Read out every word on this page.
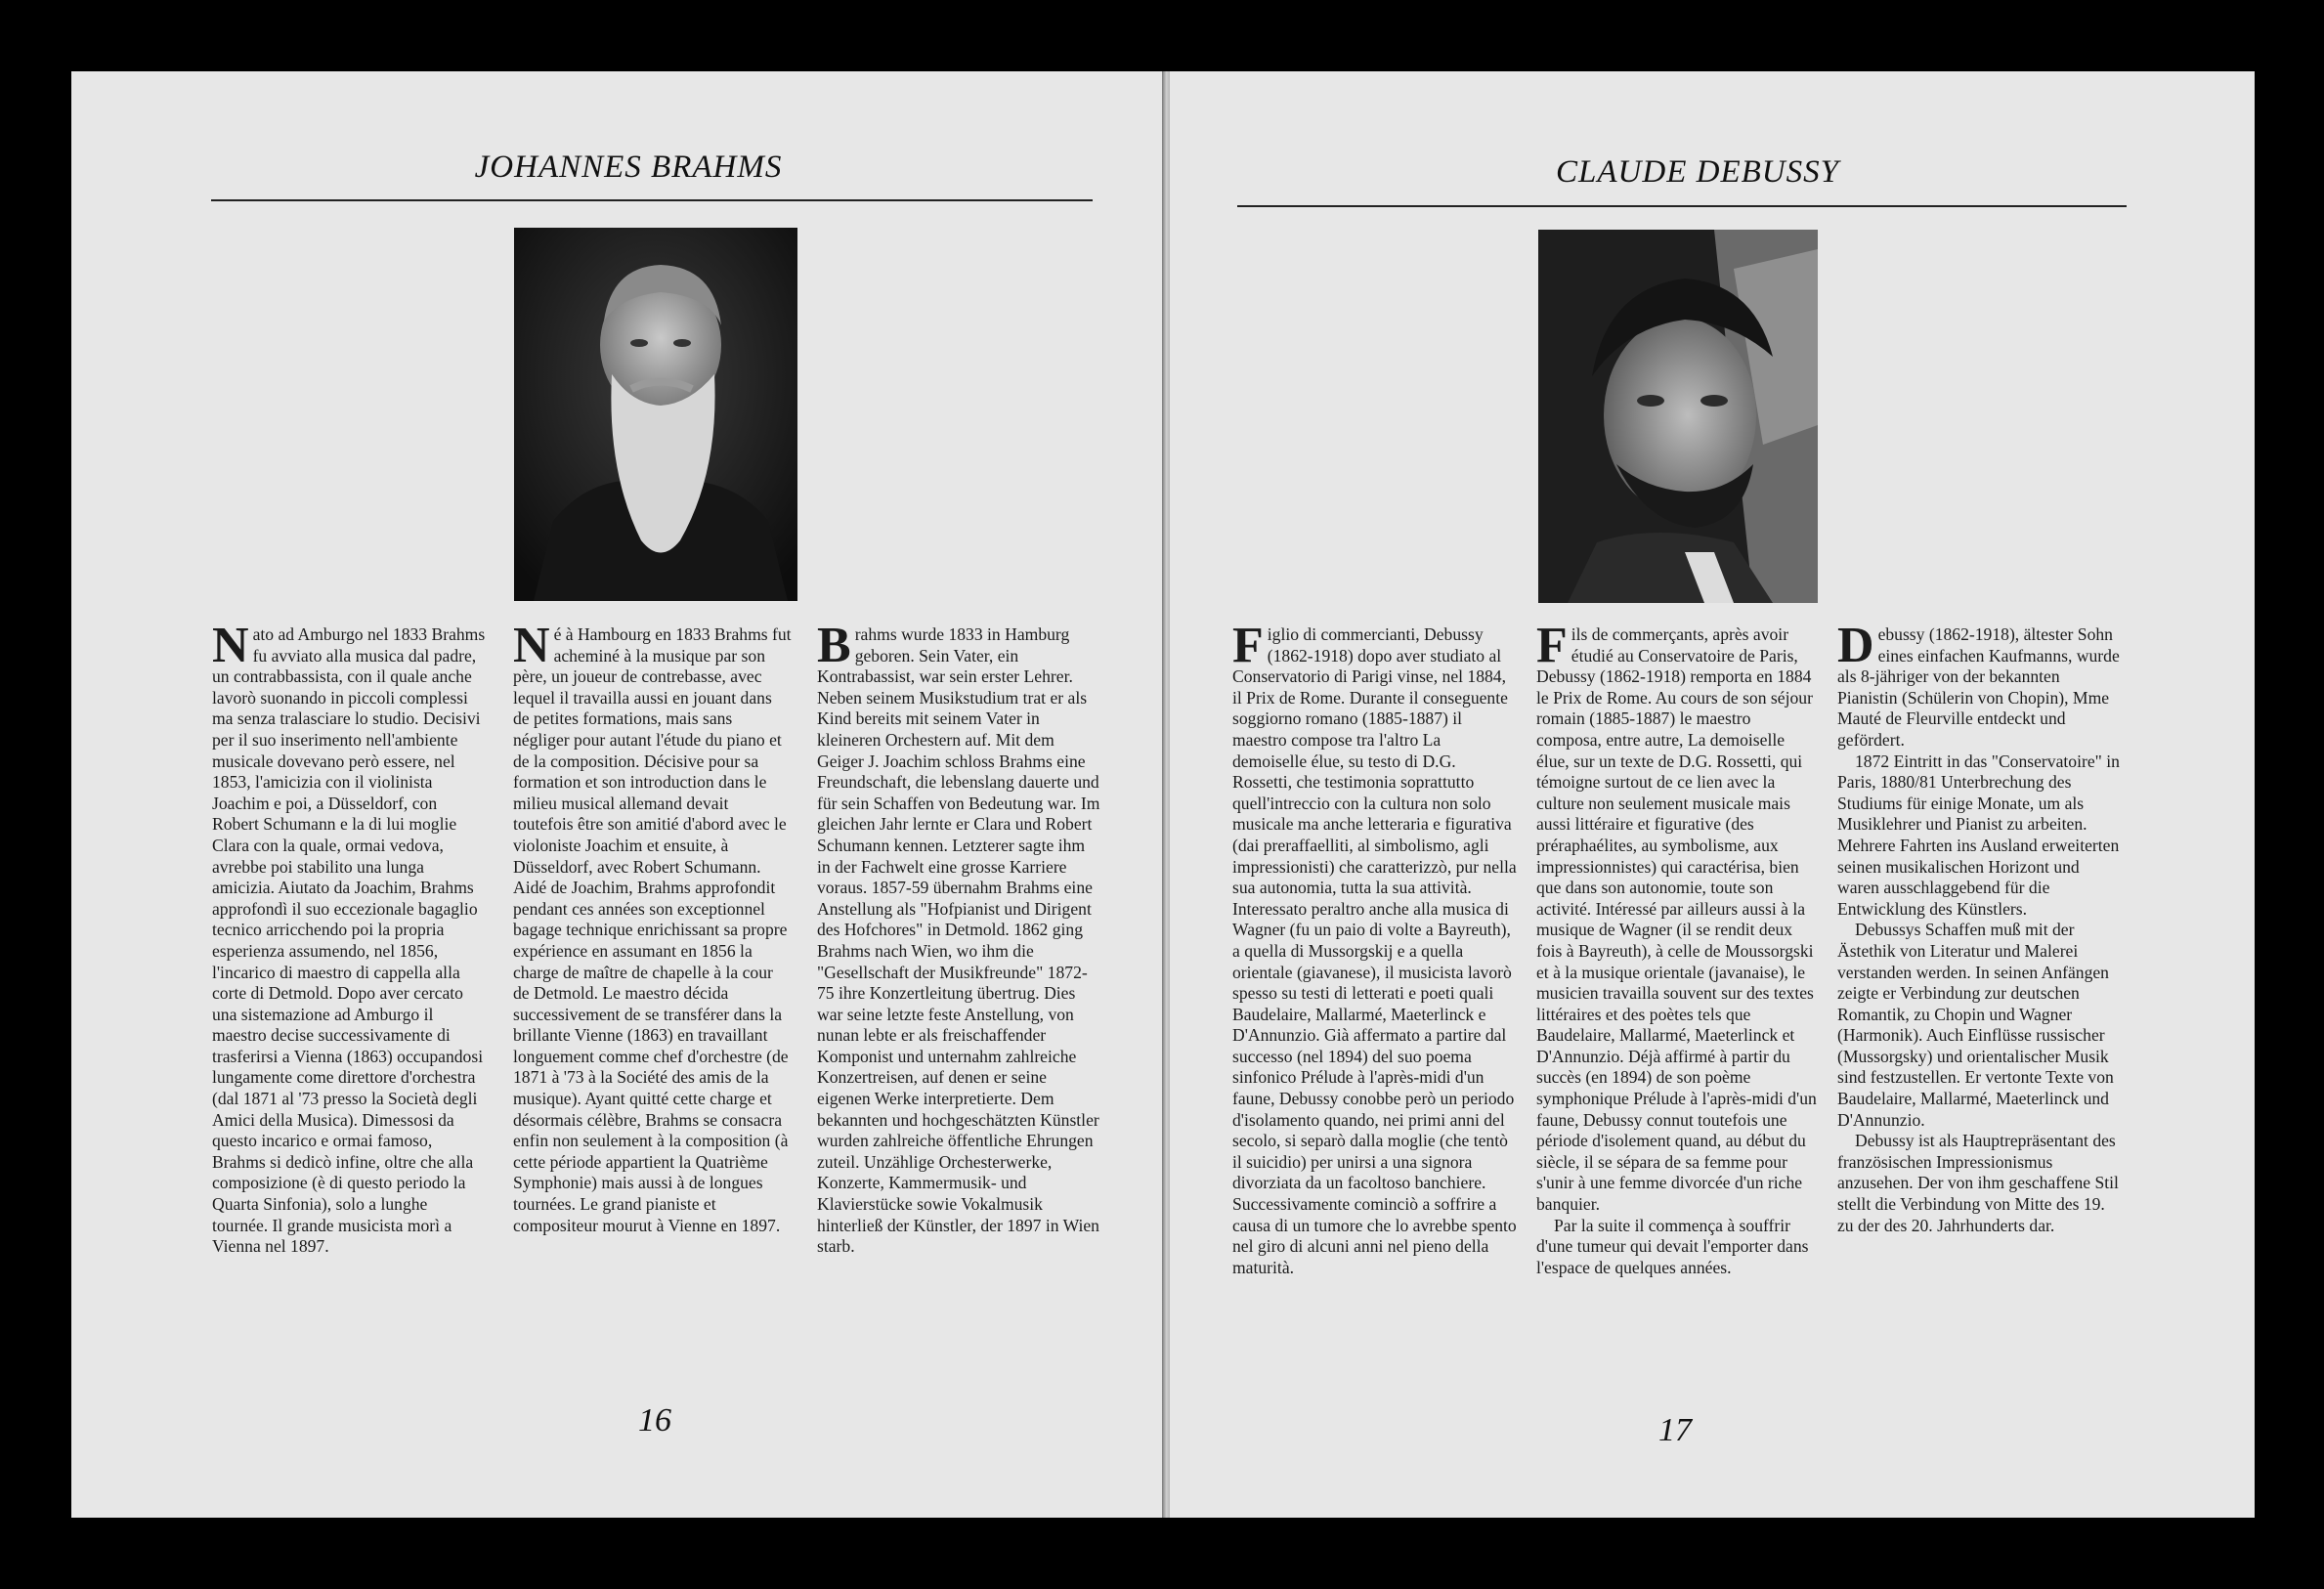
JOHANNES BRAHMS

Nato ad Amburgo nel 1833 Brahms fu avviato alla musica dal padre, un contrabbassista, con il quale anche lavorò suonando in piccoli complessi ma senza tralasciare lo studio. Decisivi per il suo inserimento nell'ambiente musicale dovevano però essere, nel 1853, l'amicizia con il violinista Joachim e poi, a Düsseldorf, con Robert Schumann e la di lui moglie Clara con la quale, ormai vedova, avrebbe poi stabilito una lunga amicizia. Aiutato da Joachim, Brahms approfondì il suo eccezionale bagaglio tecnico arricchendo poi la propria esperienza assumendo, nel 1856, l'incarico di maestro di cappella alla corte di Detmold. Dopo aver cercato una sistemazione ad Amburgo il maestro decise successivamente di trasferirsi a Vienna (1863) occupandosi lungamente come direttore d'orchestra (dal 1871 al '73 presso la Società degli Amici della Musica). Dimessosi da questo incarico e ormai famoso, Brahms si dedicò infine, oltre che alla composizione (è di questo periodo la Quarta Sinfonia), solo a lunghe tournée. Il grande musicista morì a Vienna nel 1897.

Né à Hambourg en 1833 Brahms fut acheminé à la musique par son père, un joueur de contrebasse, avec lequel il travailla aussi en jouant dans de petites formations, mais sans négliger pour autant l'étude du piano et de la composition. Décisive pour sa formation et son introduction dans le milieu musical allemand devait toutefois être son amitié d'abord avec le violoniste Joachim et ensuite, à Düsseldorf, avec Robert Schumann.

Aidé de Joachim, Brahms approfondit pendant ces années son exceptionnel bagage technique enrichissant sa propre expérience en assumant en 1856 la charge de maître de chapelle à la cour de Detmold. Le maestro décida successivement de se transférer dans la brillante Vienne (1863) en travaillant longuement comme chef d'orchestre (de 1871 à '73 à la Société des amis de la musique). Ayant quitté cette charge et désormais célèbre, Brahms se consacra enfin non seulement à la composition (à cette période appartient la Quatrième Symphonie) mais aussi à de longues tournées. Le grand pianiste et compositeur mourut à Vienne en 1897.

Brahms wurde 1833 in Hamburg geboren. Sein Vater, ein Kontrabassist, war sein erster Lehrer. Neben seinem Musikstudium trat er als Kind bereits mit seinem Vater in kleineren Orchestern auf. Mit dem Geiger J. Joachim schloss Brahms eine Freundschaft, die lebenslang dauerte und für sein Schaffen von Bedeutung war. Im gleichen Jahr lernte er Clara und Robert Schumann kennen. Letzterer sagte ihm in der Fachwelt eine grosse Karriere voraus. 1857-59 übernahm Brahms eine Anstellung als "Hofpianist und Dirigent des Hofchores" in Detmold. 1862 ging Brahms nach Wien, wo ihm die "Gesellschaft der Musikfreunde" 1872-75 ihre Konzertleitung übertrug. Dies war seine letzte feste Anstellung, von nunan lebte er als freischaffender Komponist und unternahm zahlreiche Konzertreisen, auf denen er seine eigenen Werke interpretierte. Dem bekannten und hochgeschätzten Künstler wurden zahlreiche öffentliche Ehrungen zuteil. Unzählige Orchesterwerke, Konzerte, Kammermusik- und Klavierstücke sowie Vokalmusik hinterließ der Künstler, der 1897 in Wien starb.

16
CLAUDE DEBUSSY

Figlio di commercianti, Debussy (1862-1918) dopo aver studiato al Conservatorio di Parigi vinse, nel 1884, il Prix de Rome. Durante il conseguente soggiorno romano (1885-1887) il maestro compose tra l'altro La demoiselle élue, su testo di D.G. Rossetti, che testimonia soprattutto quell'intreccio con la cultura non solo musicale ma anche letteraria e figurativa (dai preraffaelliti, al simbolismo, agli impressionisti) che caratterizzò, pur nella sua autonomia, tutta la sua attività. Interessato peraltro anche alla musica di Wagner (fu un paio di volte a Bayreuth), a quella di Mussorgskij e a quella orientale (giavanese), il musicista lavorò spesso su testi di letterati e poeti quali Baudelaire, Mallarmé, Maeterlinck e D'Annunzio. Già affermato a partire dal successo (nel 1894) del suo poema sinfonico Prélude à l'après-midi d'un faune, Debussy conobbe però un periodo d'isolamento quando, nei primi anni del secolo, si separò dalla moglie (che tentò il suicidio) per unirsi a una signora divorziata da un facoltoso banchiere. Successivamente cominciò a soffrire a causa di un tumore che lo avrebbe spento nel giro di alcuni anni nel pieno della maturità.

Fils de commerçants, après avoir étudié au Conservatoire de Paris, Debussy (1862-1918) remporta en 1884 le Prix de Rome. Au cours de son séjour romain (1885-1887) le maestro composa, entre autre, La demoiselle élue, sur un texte de D.G. Rossetti, qui témoigne surtout de ce lien avec la culture non seulement musicale mais aussi littéraire et figurative (des préraphaélites, au symbolisme, aux impressionnistes) qui caractérisa, bien que dans son autonomie, toute son activité. Intéressé par ailleurs aussi à la musique de Wagner (il se rendit deux fois à Bayreuth), à celle de Moussorgski et à la musique orientale (javanaise), le musicien travailla souvent sur des textes littéraires et des poètes tels que Baudelaire, Mallarmé, Maeterlinck et D'Annunzio. Déjà affirmé à partir du succès (en 1894) de son poème symphonique Prélude à l'après-midi d'un faune, Debussy connut toutefois une période d'isolement quand, au début du siècle, il se sépara de sa femme pour s'unir à une femme divorcée d'un riche banquier.

Par la suite il commença à souffrir d'une tumeur qui devait l'emporter dans l'espace de quelques années.

Debussy (1862-1918), ältester Sohn eines einfachen Kaufmanns, wurde als 8-jähriger von der bekannten Pianistin (Schülerin von Chopin), Mme Mauté de Fleurville entdeckt und gefördert.

1872 Eintritt in das "Conservatoire" in Paris, 1880/81 Unterbrechung des Studiums für einige Monate, um als Musiklehrer und Pianist zu arbeiten. Mehrere Fahrten ins Ausland erweiterten seinen musikalischen Horizont und waren ausschlaggebend für die Entwicklung des Künstlers.

Debussys Schaffen muß mit der Ästethik von Literatur und Malerei verstanden werden. In seinen Anfängen zeigte er Verbindung zur deutschen Romantik, zu Chopin und Wagner (Harmonik). Auch Einflüsse russischer (Mussorgsky) und orientalischer Musik sind festzustellen. Er vertonte Texte von Baudelaire, Mallarmé, Maeterlinck und D'Annunzio.

Debussy ist als Hauptrepräsentant des französischen Impressionismus anzusehen. Der von ihm geschaffene Stil stellt die Verbindung von Mitte des 19. zu der des 20. Jahrhunderts dar.

17
